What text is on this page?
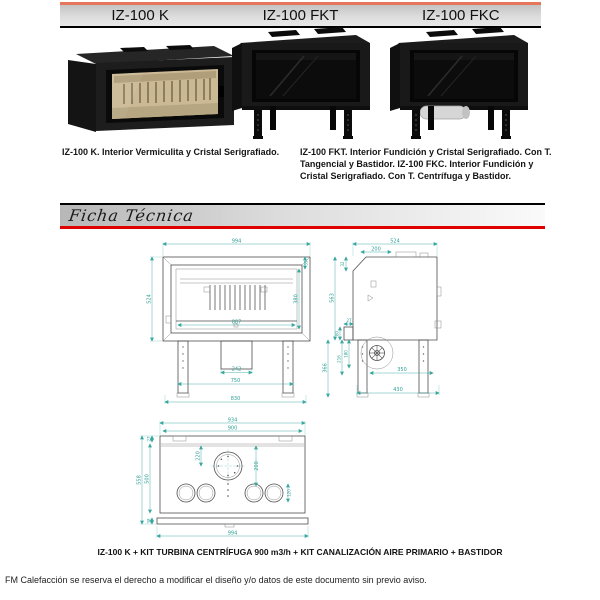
IZ-100 K	IZ-100 FKT	IZ-100 FKC
IZ-100 K. Interior Vermiculita y Cristal Serigrafiado.	IZ-100 FKT. Interior Fundición y Cristal Serigrafiado. Con T. Tangencial y Bastidor. IZ-100 FKC. Interior Fundición y Cristal Serigrafiado. Con T. Centrífuga y Bastidor.
Ficha Técnica
994
524
887
380
39
242
750
830
524
200
32
563
27
80
180
216
366	350
430
934
900
27
558 500
38
220
200
120
994
IZ-100 K + KIT TURBINA CENTRÍFUGA 900 m3/h + KIT CANALIZACIÓN AIRE PRIMARIO + BASTIDOR
FM Calefacción se reserva el derecho a modificar el diseño y/o datos de este documento sin previo aviso.
